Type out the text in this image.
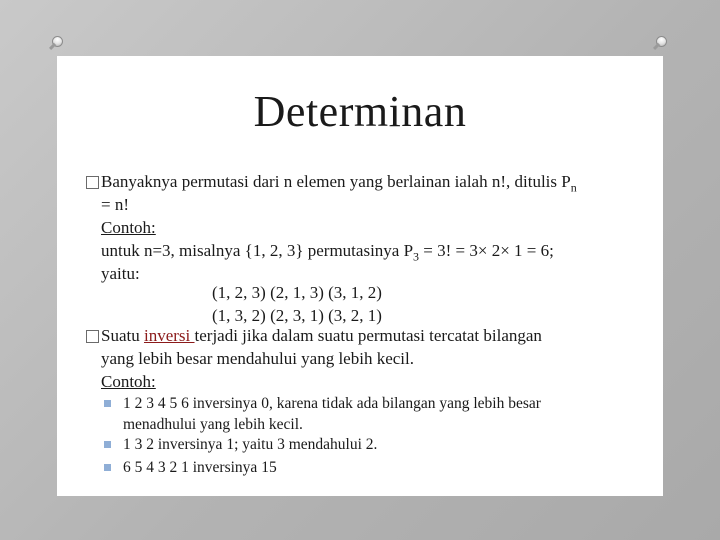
Determinan
Banyaknya permutasi dari n elemen yang berlainan ialah n!, ditulis $P_n$
= n!
Contoh:
untuk n=3, misalnya {1, 2, 3} permutasinya $P_3 = 3$! = 3× 2× 1 = 6;
yaitu:
(1, 2, 3) (2, 1, 3) (3, 1, 2)
(1, 3, 2) (2, 3, 1) (3, 2, 1)
Suatu inversi terjadi jika dalam suatu permutasi tercatat bilangan
yang lebih besar mendahului yang lebih kecil.
Contoh:
1 2 3 4 5 6 inversinya 0, karena tidak ada bilangan yang lebih besar
menadhului yang lebih kecil.
1 3 2 inversinya 1; yaitu 3 mendahului 2.
6 5 4 3 2 1 inversinya 15
